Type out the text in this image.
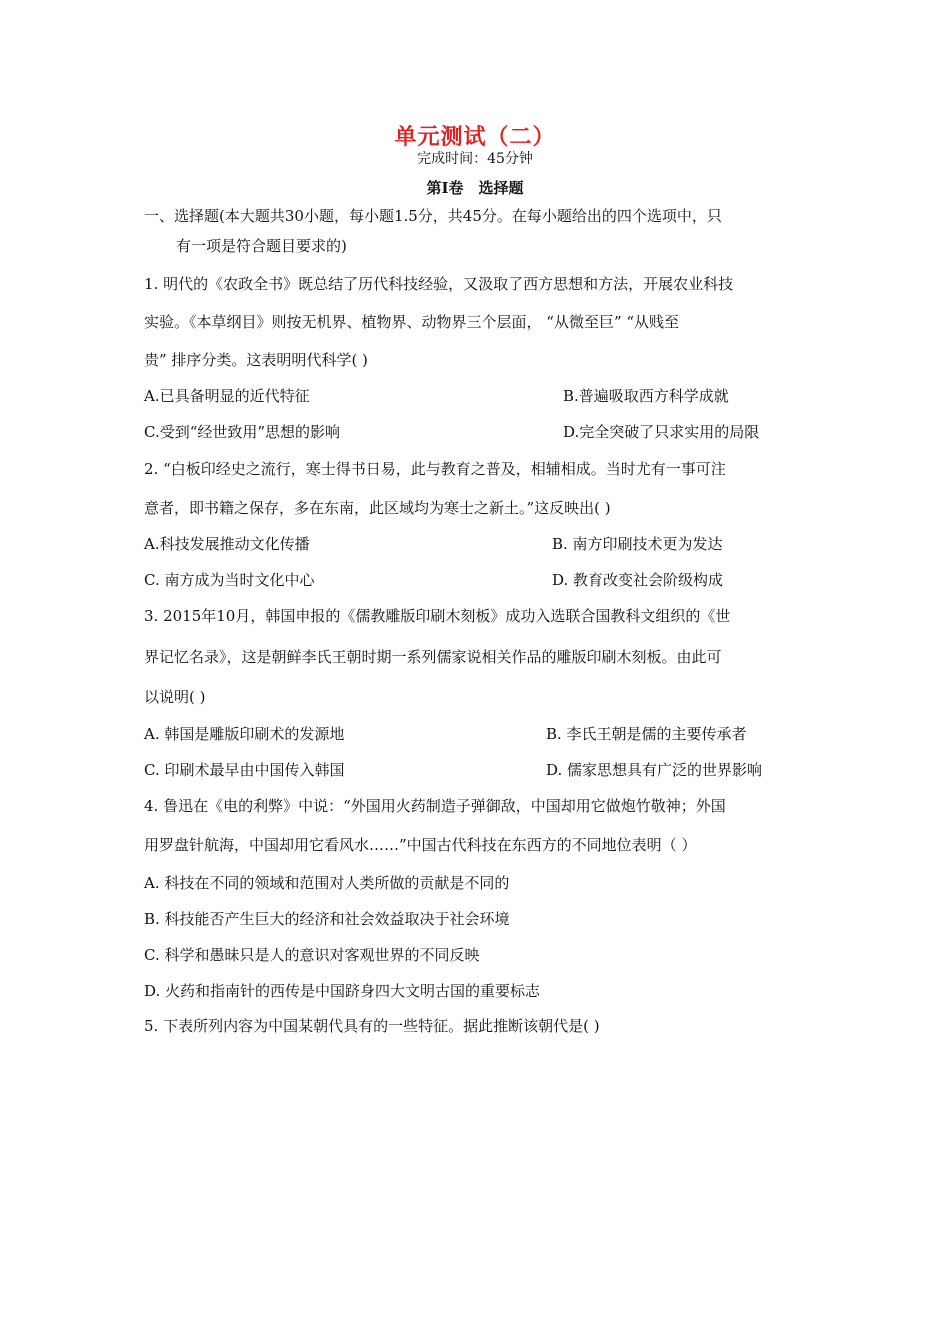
单元测试（二）
完成时间：45分钟
第Ⅰ卷　选择题
一、选择题(本大题共30小题，每小题1.5分，共45分。在每小题给出的四个选项中，只
有一项是符合题目要求的)
1. 明代的《农政全书》既总结了历代科技经验，又汲取了西方思想和方法，开展农业科技
实验。《本草纲目》则按无机界、植物界、动物界三个层面， “从微至巨” “从贱至
贵” 排序分类。这表明明代科学( )
A.已具备明显的近代特征	B.普遍吸取西方科学成就
C.受到“经世致用”思想的影响	D.完全突破了只求实用的局限
2. “白板印经史之流行，寒士得书日易，此与教育之普及，相辅相成。当时尤有一事可注
意者，即书籍之保存，多在东南，此区域均为寒士之新土。”这反映出( )
A.科技发展推动文化传播	B. 南方印刷技术更为发达
C. 南方成为当时文化中心	D. 教育改变社会阶级构成
3. 2015年10月，韩国申报的《儒教雕版印刷木刻板》成功入选联合国教科文组织的《世
界记忆名录》，这是朝鲜李氏王朝时期一系列儒家说相关作品的雕版印刷木刻板。由此可
以说明( )
A. 韩国是雕版印刷术的发源地	B. 李氏王朝是儒的主要传承者
C. 印刷术最早由中国传入韩国	D. 儒家思想具有广泛的世界影响
4. 鲁迅在《电的利弊》中说：“外国用火药制造子弹御敌，中国却用它做炮竹敬神；外国
用罗盘针航海，中国却用它看风水……”中国古代科技在东西方的不同地位表明（ ）
A. 科技在不同的领域和范围对人类所做的贡献是不同的
B. 科技能否产生巨大的经济和社会效益取决于社会环境
C. 科学和愚昧只是人的意识对客观世界的不同反映
D. 火药和指南针的西传是中国跻身四大文明古国的重要标志
5. 下表所列内容为中国某朝代具有的一些特征。据此推断该朝代是( )
